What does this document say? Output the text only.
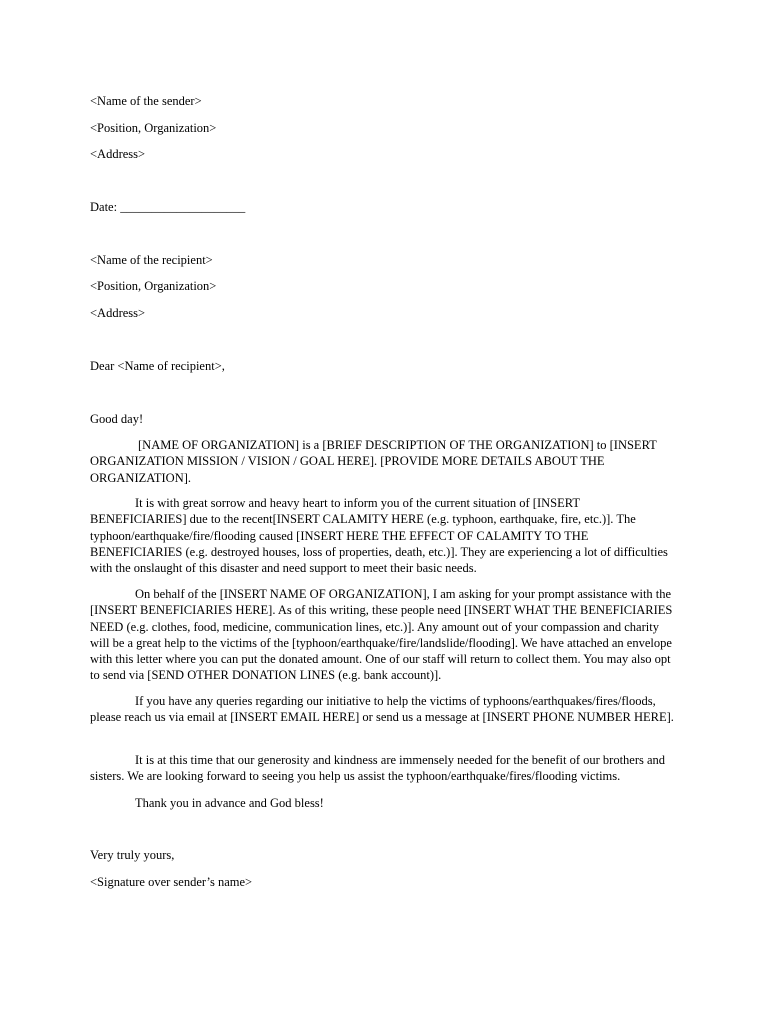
<Name of the sender>
<Position, Organization>
<Address>
Date: ____________________
<Name of the recipient>
<Position, Organization>
<Address>
Dear <Name of recipient>,
Good day!

[NAME OF ORGANIZATION] is a [BRIEF DESCRIPTION OF THE ORGANIZATION] to [INSERT ORGANIZATION MISSION / VISION / GOAL HERE]. [PROVIDE MORE DETAILS ABOUT THE ORGANIZATION].

It is with great sorrow and heavy heart to inform you of the current situation of [INSERT BENEFICIARIES] due to the recent[INSERT CALAMITY HERE (e.g. typhoon, earthquake, fire, etc.)]. The typhoon/earthquake/fire/flooding caused [INSERT HERE THE EFFECT OF CALAMITY TO THE BENEFICIARIES (e.g. destroyed houses, loss of properties, death, etc.)]. They are experiencing a lot of difficulties with the onslaught of this disaster and need support to meet their basic needs.

On behalf of the [INSERT NAME OF ORGANIZATION], I am asking for your prompt assistance with the [INSERT BENEFICIARIES HERE]. As of this writing, these people need [INSERT WHAT THE BENEFICIARIES NEED (e.g. clothes, food, medicine, communication lines, etc.)]. Any amount out of your compassion and charity will be a great help to the victims of the [typhoon/earthquake/fire/landslide/flooding]. We have attached an envelope with this letter where you can put the donated amount. One of our staff will return to collect them. You may also opt to send via [SEND OTHER DONATION LINES (e.g. bank account)].

If you have any queries regarding our initiative to help the victims of typhoons/earthquakes/fires/floods, please reach us via email at [INSERT EMAIL HERE] or send us a message at [INSERT PHONE NUMBER HERE].

It is at this time that our generosity and kindness are immensely needed for the benefit of our brothers and sisters. We are looking forward to seeing you help us assist the typhoon/earthquake/fires/flooding victims.

Thank you in advance and God bless!

Very truly yours,
<Signature over sender’s name>
